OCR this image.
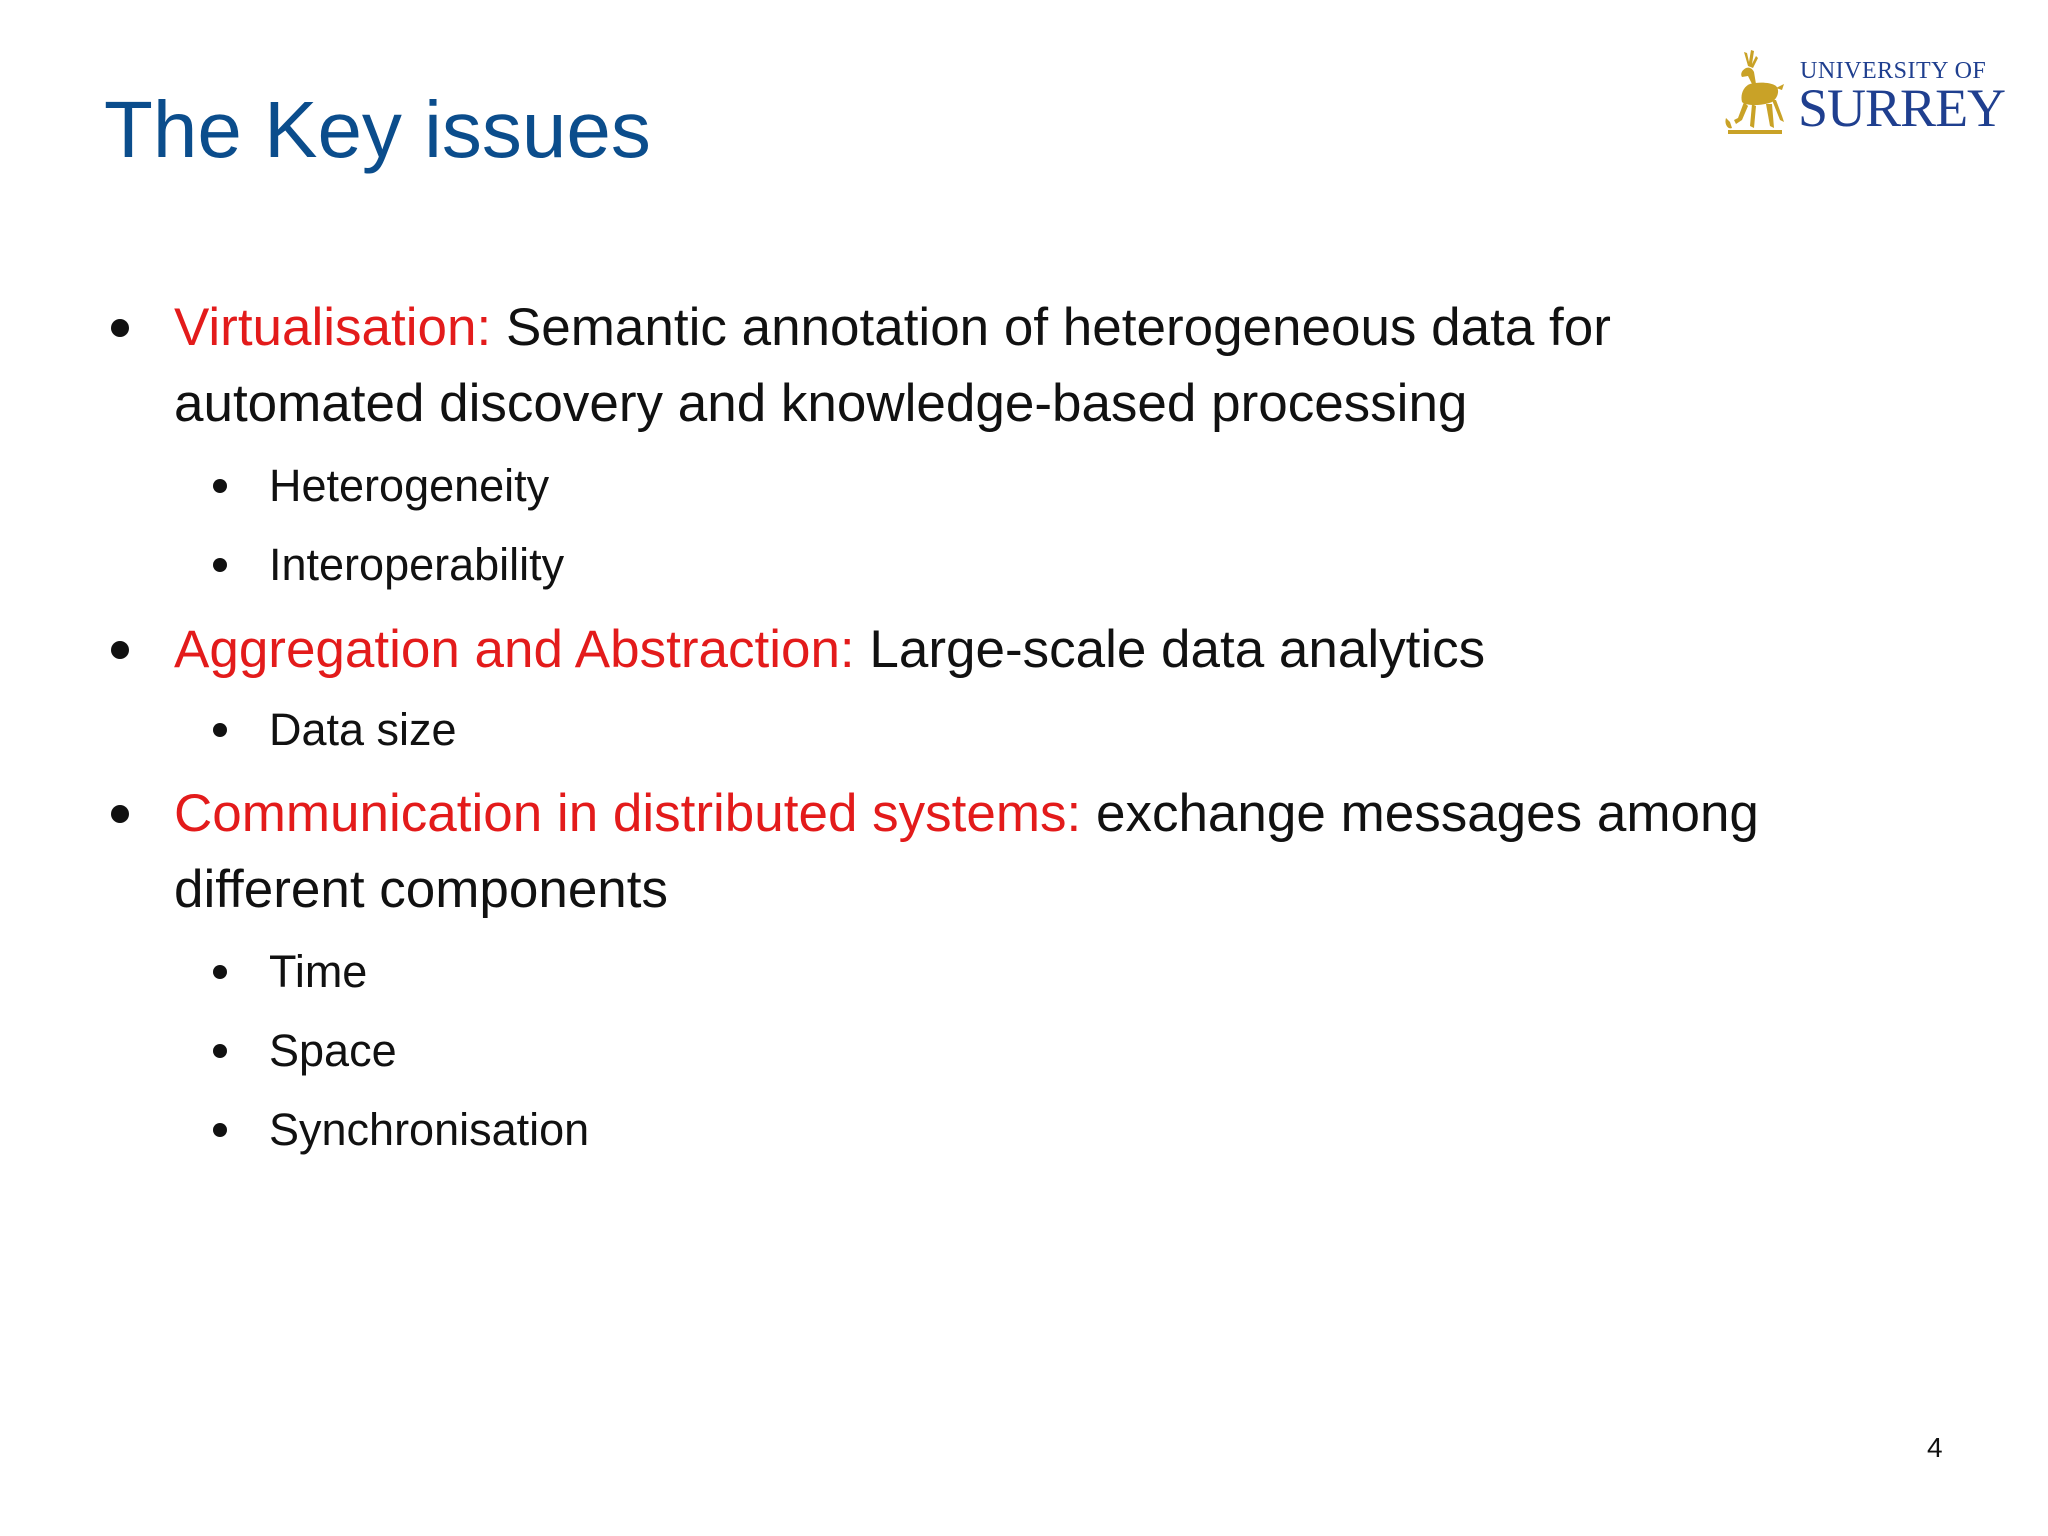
The Key issues
UNIVERSITY OF
SURREY
Virtualisation: Semantic annotation of heterogeneous data for
automated discovery and knowledge-based processing
Heterogeneity
Interoperability
Aggregation and Abstraction: Large-scale data analytics
Data size
Communication in distributed systems: exchange messages among
different components
Time
Space
Synchronisation
4
